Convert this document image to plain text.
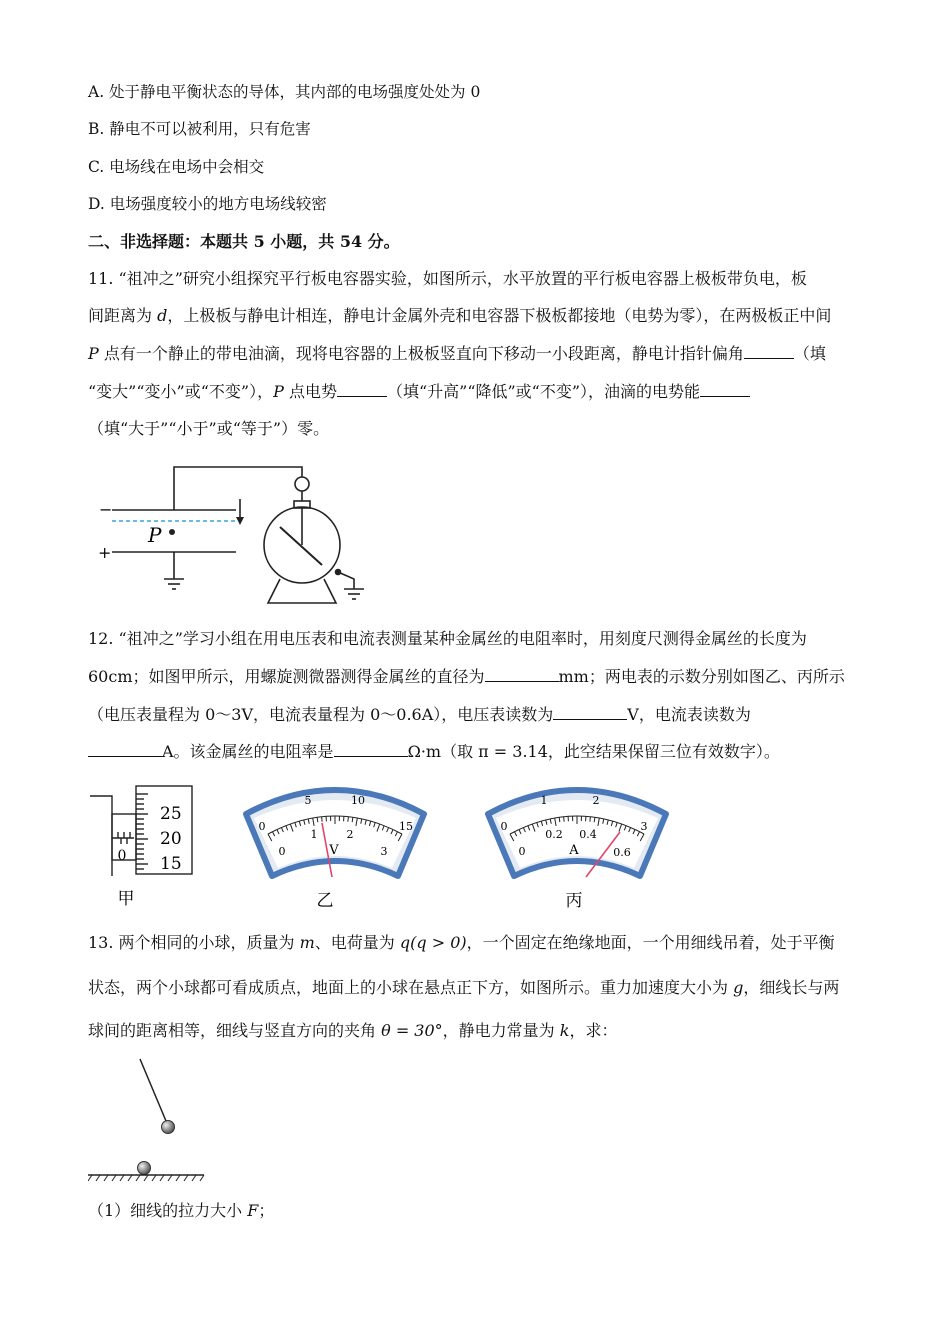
A. 处于静电平衡状态的导体，其内部的电场强度处处为 0
B. 静电不可以被利用，只有危害
C. 电场线在电场中会相交
D. 电场强度较小的地方电场线较密
二、非选择题：本题共 5 小题，共 54 分。
11. “祖冲之”研究小组探究平行板电容器实验，如图所示，水平放置的平行板电容器上极板带负电，板
间距离为 d，上极板与静电计相连，静电计金属外壳和电容器下极板都接地（电势为零），在两极板正中间
P 点有一个静止的带电油滴，现将电容器的上极板竖直向下移动一小段距离，静电计指针偏角	（填
“变大”“变小”或“不变”），P 点电势	（填“升高”“降低”或“不变”），油滴的电势能
（填“大于”“小于”或“等于”）零。
−
+
P
12. “祖冲之”学习小组在用电压表和电流表测量某种金属丝的电阻率时，用刻度尺测得金属丝的长度为
60cm；如图甲所示，用螺旋测微器测得金属丝的直径为	mm；两电表的示数分别如图乙、丙所示
（电压表量程为 0～3V，电流表量程为 0～0.6A），电压表读数为	V，电流表读数为
A。该金属丝的电阻率是	Ω·m（取 π = 3.14，此空结果保留三位有效数字）。
0
25
20
15
甲
0
5	10
15
0
1	2
3
V
乙
0
1	2
3
0
0.2 0.4
0.6
A
丙
13. 两个相同的小球，质量为 m、电荷量为 q(q > 0)，一个固定在绝缘地面，一个用细线吊着，处于平衡
状态，两个小球都可看成质点，地面上的小球在悬点正下方，如图所示。重力加速度大小为 g，细线长与两
球间的距离相等，细线与竖直方向的夹角 θ = 30°，静电力常量为 k，求：
（1）细线的拉力大小 F；
